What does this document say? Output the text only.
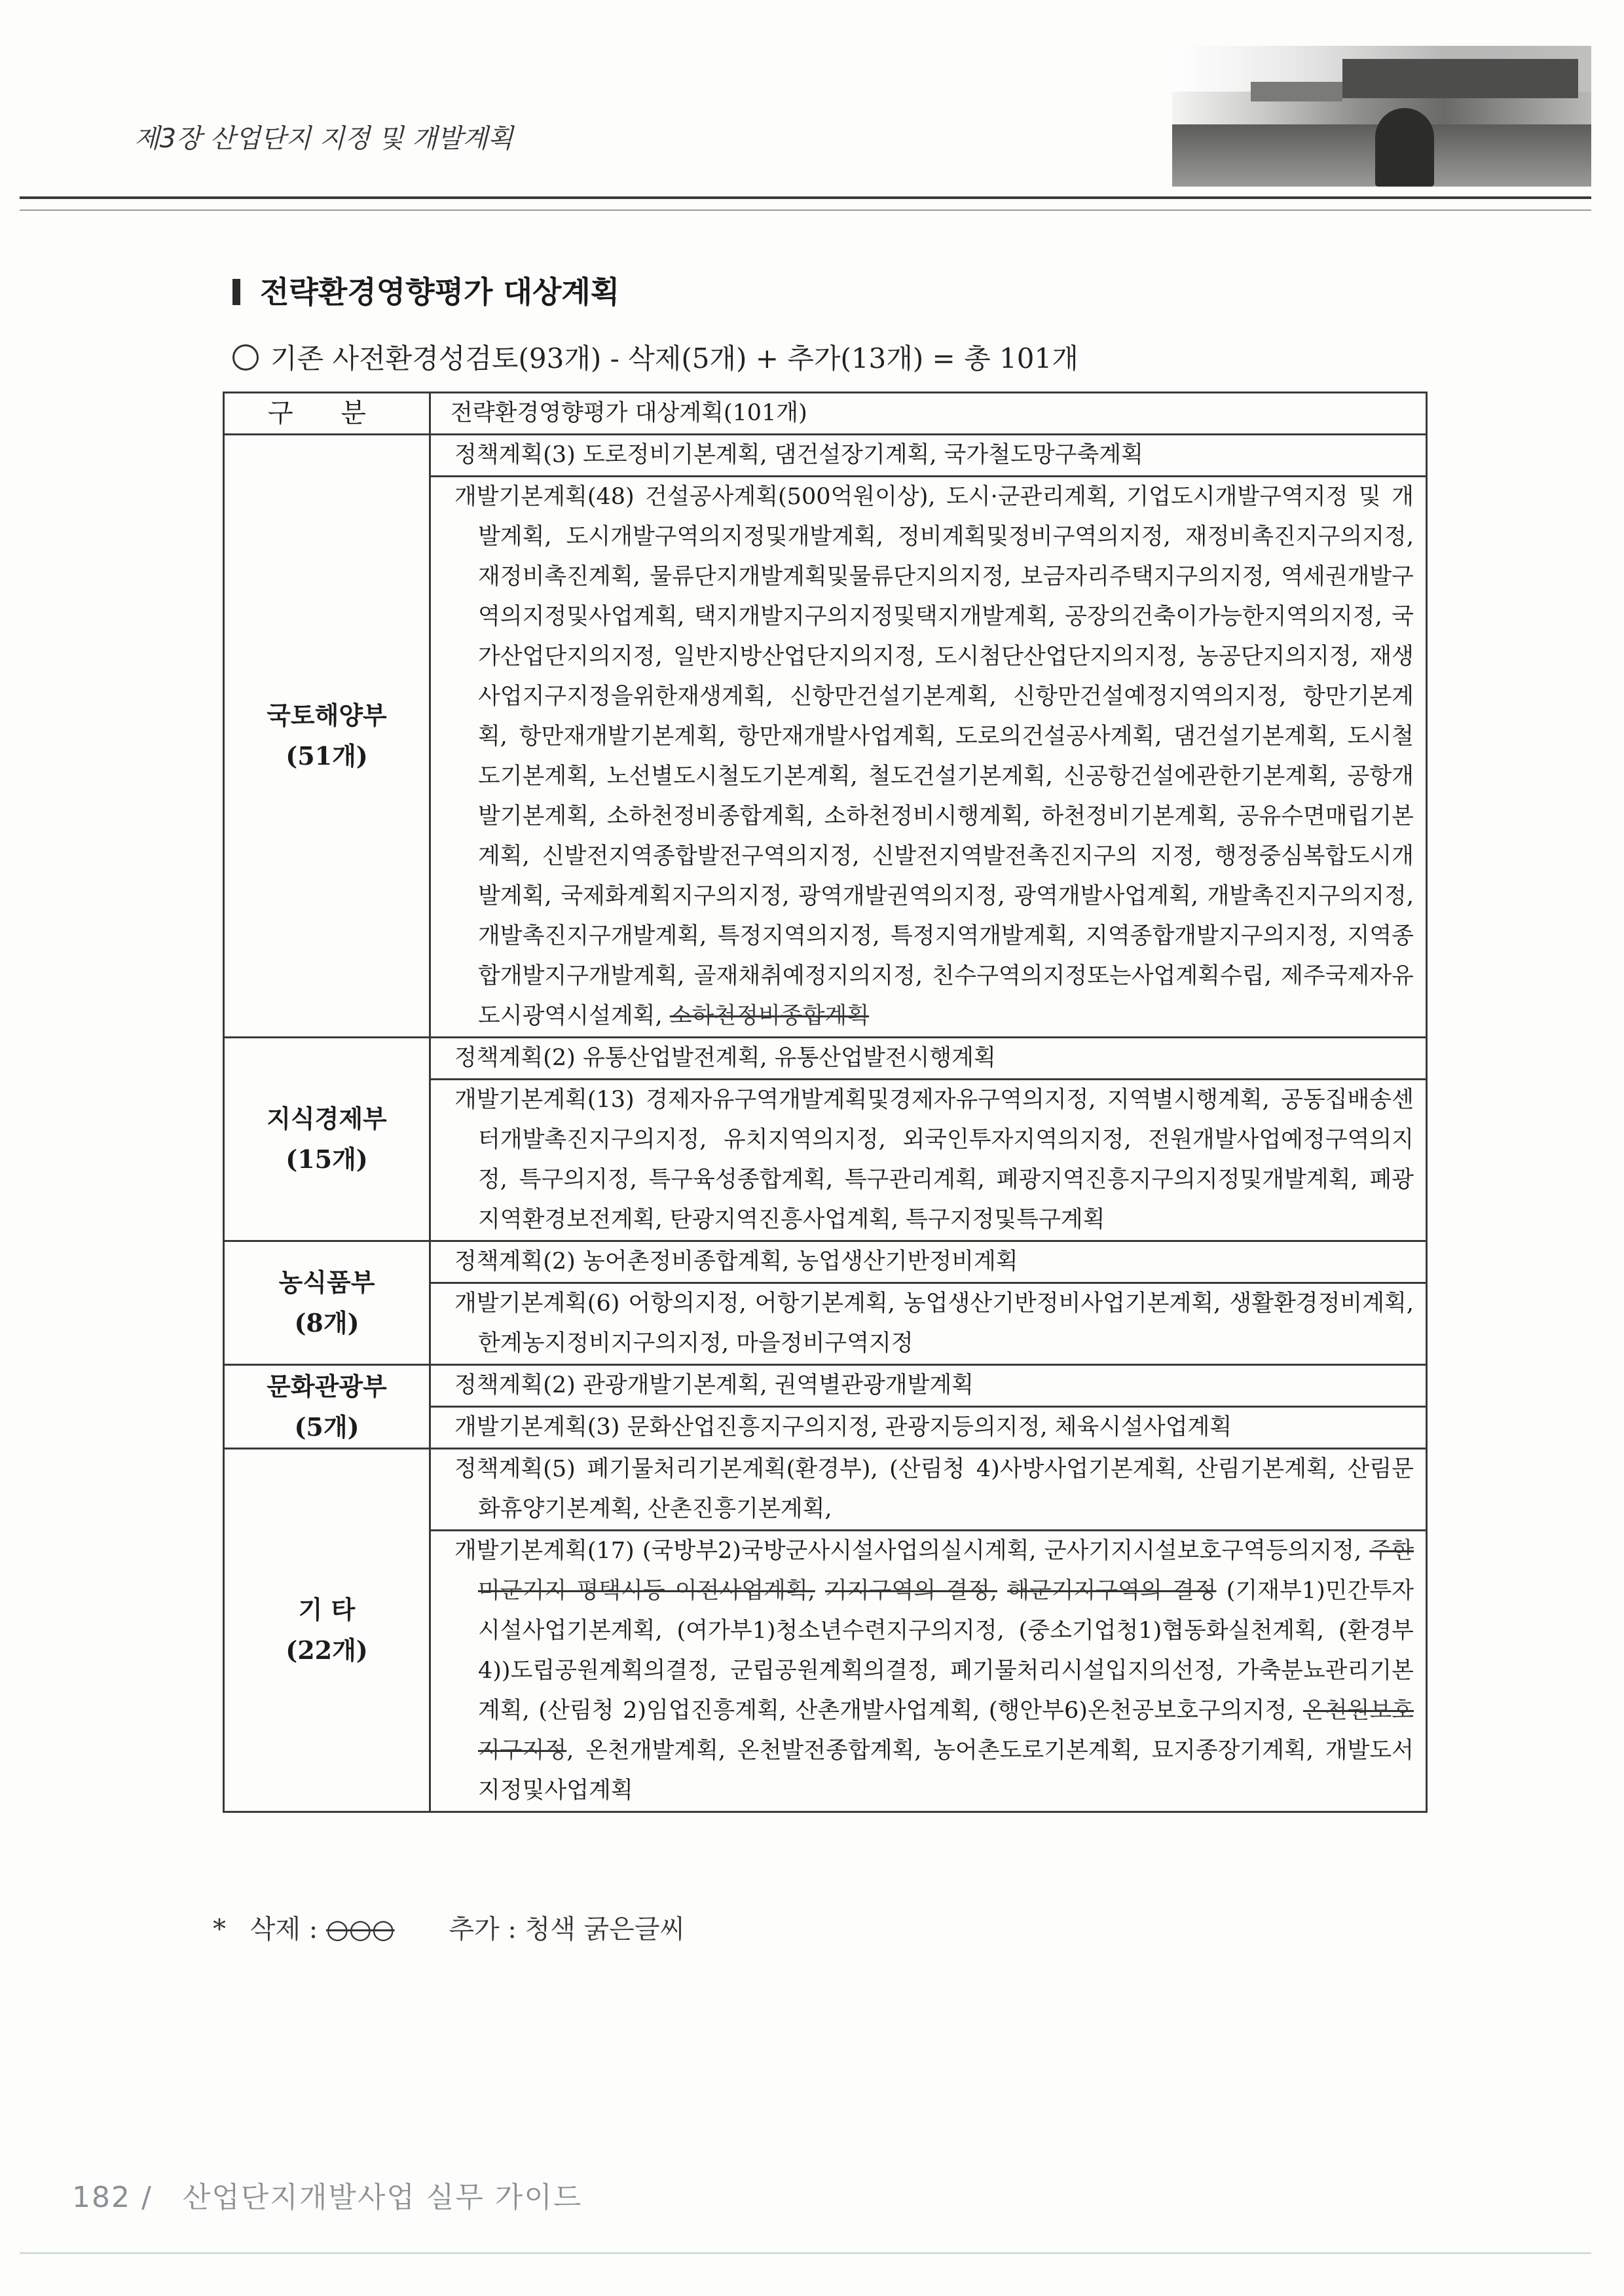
제3장 산업단지 지정 및 개발계획
전략환경영향평가 대상계획
기존 사전환경성검토(93개) - 삭제(5개) + 추가(13개) = 총 101개
구 분	전략환경영향평가 대상계획(101개)

국토해양부
(51개)	정책계획(3) 도로정비기본계획, 댐건설장기계획, 국가철도망구축계획
	개발기본계획(48) 건설공사계획(500억원이상), 도시·군관리계획, 기업도시개발구역지정 및 개발계획, 도시개발구역의지정및개발계획, 정비계획및정비구역의지정, 재정비촉진지구의지정, 재정비촉진계획, 물류단지개발계획및물류단지의지정, 보금자리주택지구의지정, 역세권개발구역의지정및사업계획, 택지개발지구의지정및택지개발계획, 공장의건축이가능한지역의지정, 국가산업단지의지정, 일반지방산업단지의지정, 도시첨단산업단지의지정, 농공단지의지정, 재생사업지구지정을위한재생계획, 신항만건설기본계획, 신항만건설예정지역의지정, 항만기본계획, 항만재개발기본계획, 항만재개발사업계획, 도로의건설공사계획, 댐건설기본계획, 도시철도기본계획, 노선별도시철도기본계획, 철도건설기본계획, 신공항건설에관한기본계획, 공항개발기본계획, 소하천정비종합계획, 소하천정비시행계획, 하천정비기본계획, 공유수면매립기본계획, 신발전지역종합발전구역의지정, 신발전지역발전촉진지구의 지정, 행정중심복합도시개발계획, 국제화계획지구의지정, 광역개발권역의지정, 광역개발사업계획, 개발촉진지구의지정, 개발촉진지구개발계획, 특정지역의지정, 특정지역개발계획, 지역종합개발지구의지정, 지역종합개발지구개발계획, 골재채취예정지의지정, 친수구역의지정또는사업계획수립, 제주국제자유도시광역시설계획, 소하천정비종합계획

지식경제부
(15개)	정책계획(2) 유통산업발전계획, 유통산업발전시행계획
	개발기본계획(13) 경제자유구역개발계획및경제자유구역의지정, 지역별시행계획, 공동집배송센터개발촉진지구의지정, 유치지역의지정, 외국인투자지역의지정, 전원개발사업예정구역의지정, 특구의지정, 특구육성종합계획, 특구관리계획, 폐광지역진흥지구의지정및개발계획, 폐광지역환경보전계획, 탄광지역진흥사업계획, 특구지정및특구계획

농식품부
(8개)	정책계획(2) 농어촌정비종합계획, 농업생산기반정비계획
	개발기본계획(6) 어항의지정, 어항기본계획, 농업생산기반정비사업기본계획, 생활환경정비계획, 한계농지정비지구의지정, 마을정비구역지정

문화관광부
(5개)	정책계획(2) 관광개발기본계획, 권역별관광개발계획
	개발기본계획(3) 문화산업진흥지구의지정, 관광지등의지정, 체육시설사업계획

기 타
(22개)	정책계획(5) 폐기물처리기본계획(환경부), (산림청 4)사방사업기본계획, 산림기본계획, 산림문화휴양기본계획, 산촌진흥기본계획,
	개발기본계획(17) (국방부2)국방군사시설사업의실시계획, 군사기지시설보호구역등의지정, 주한미군기지 평택시등 이전사업계획, 기지구역의 결정, 해군기지구역의 결정 (기재부1)민간투자시설사업기본계획, (여가부1)청소년수련지구의지정, (중소기업청1)협동화실천계획, (환경부4))도립공원계획의결정, 군립공원계획의결정, 폐기물처리시설입지의선정, 가축분뇨관리기본계획, (산림청 2)임업진흥계획, 산촌개발사업계획, (행안부6)온천공보호구의지정, 온천원보호지구지정, 온천개발계획, 온천발전종합계획, 농어촌도로기본계획, 묘지종장기계획, 개발도서지정및사업계획
* 삭제 : ○○○ 추가 : 청색 굵은글씨
182 / 산업단지개발사업 실무 가이드
